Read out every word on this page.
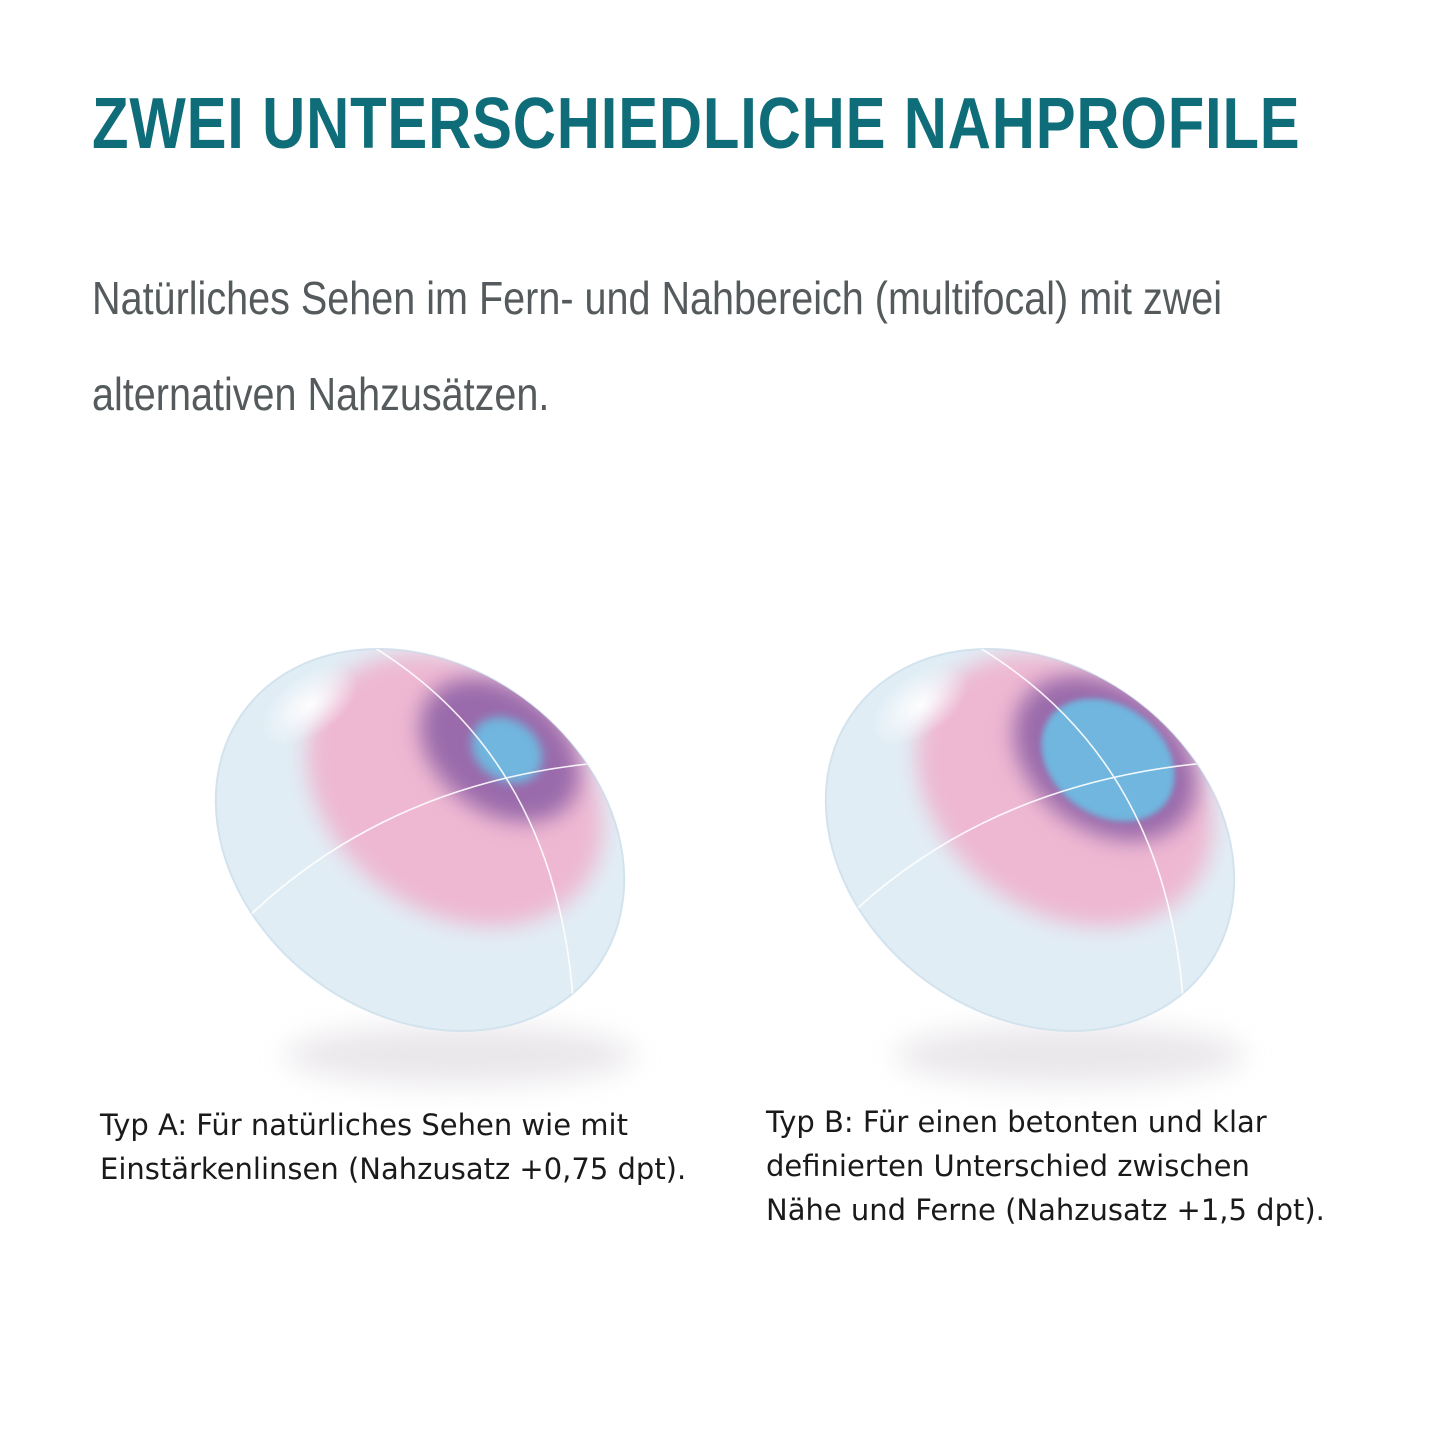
ZWEI UNTERSCHIEDLICHE NAHPROFILE

Natürliches Sehen im Fern- und Nahbereich (multifocal) mit zwei alternativen Nahzusätzen.

Typ A: Für natürliches Sehen wie mit
Einstärkenlinsen (Nahzusatz +0,75 dpt).

Typ B: Für einen betonten und klar
definierten Unterschied zwischen
Nähe und Ferne (Nahzusatz +1,5 dpt).
